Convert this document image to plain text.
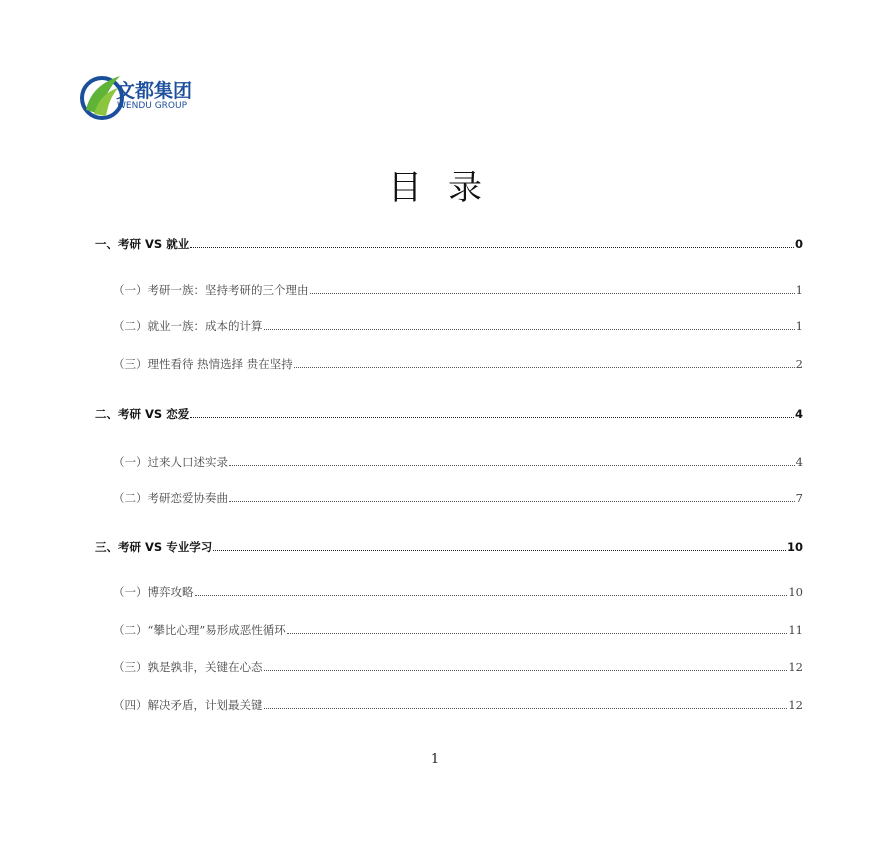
文都集团
WENDU GROUP
目录
一、考研 VS 就业	0
（一）考研一族：坚持考研的三个理由	1
（二）就业一族：成本的计算	1
（三）理性看待 热情选择 贵在坚持	2
二、考研 VS 恋爱	4
（一）过来人口述实录	4
（二）考研恋爱协奏曲	7
三、考研 VS 专业学习	10
（一）博弈攻略	10
（二）“攀比心理”易形成恶性循环	11
（三）孰是孰非，关键在心态	12
（四）解决矛盾，计划最关键	12
1
